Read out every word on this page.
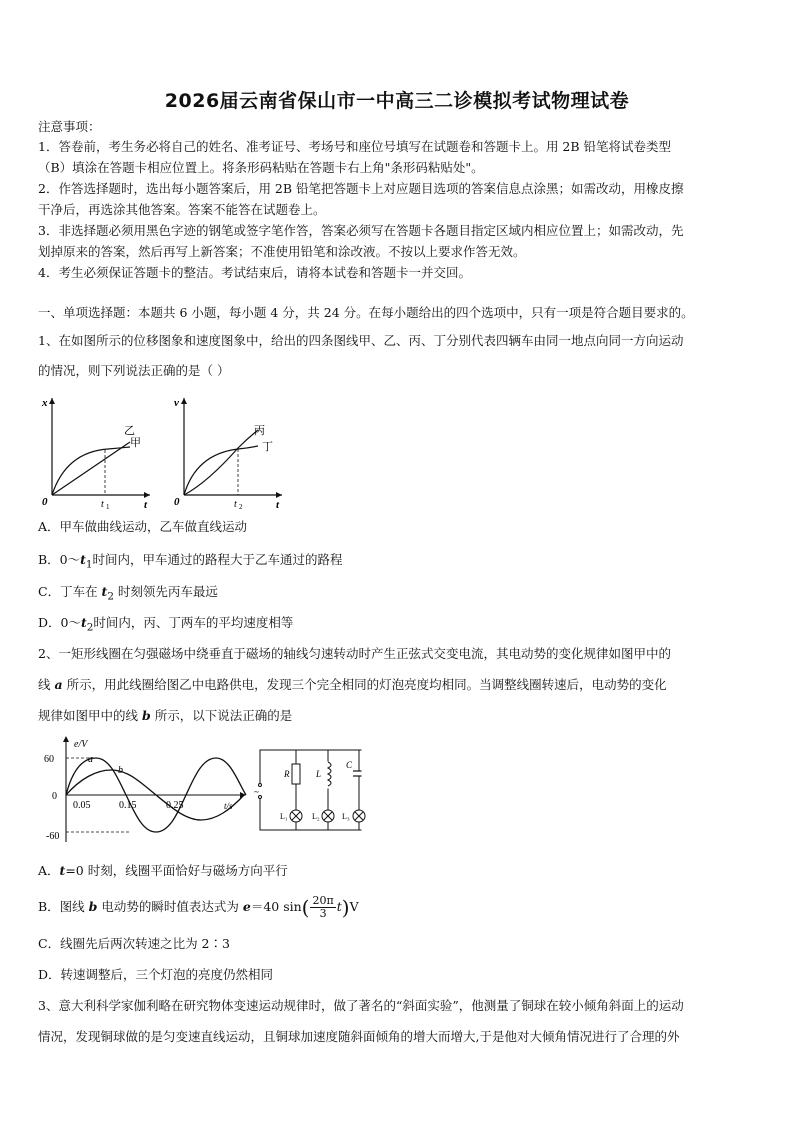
2026届云南省保山市一中高三二诊模拟考试物理试卷
注意事项：
1．答卷前，考生务必将自己的姓名、准考证号、考场号和座位号填写在试题卷和答题卡上。用 2B 铅笔将试卷类型
（B）填涂在答题卡相应位置上。将条形码粘贴在答题卡右上角"条形码粘贴处"。
2．作答选择题时，选出每小题答案后，用 2B 铅笔把答题卡上对应题目选项的答案信息点涂黑；如需改动，用橡皮擦
干净后，再选涂其他答案。答案不能答在试题卷上。
3．非选择题必须用黑色字迹的钢笔或签字笔作答，答案必须写在答题卡各题目指定区域内相应位置上；如需改动，先
划掉原来的答案，然后再写上新答案；不准使用铅笔和涂改液。不按以上要求作答无效。
4．考生必须保证答题卡的整洁。考试结束后，请将本试卷和答题卡一并交回。
一、单项选择题：本题共 6 小题，每小题 4 分，共 24 分。在每小题给出的四个选项中，只有一项是符合题目要求的。
1、在如图所示的位移图象和速度图象中，给出的四条图线甲、乙、丙、丁分别代表四辆车由同一地点向同一方向运动
的情况，则下列说法正确的是（ ）
x
0	t
t 1
乙
甲
v
0	t
t 2
丙
丁
A．甲车做曲线运动，乙车做直线运动
B．$0\sim t_1$时间内，甲车通过的路程大于乙车通过的路程
C．丁车在 $t_2$ 时刻领先丙车最远
D．$0\sim t_2$时间内，丙、丁两车的平均速度相等
2、一矩形线圈在匀强磁场中绕垂直于磁场的轴线匀速转动时产生正弦式交变电流，其电动势的变化规律如图甲中的
线 a 所示，用此线圈给图乙中电路供电，发现三个完全相同的灯泡亮度均相同。当调整线圈转速后，电动势的变化
规律如图甲中的线 b 所示，以下说法正确的是
e/V
60
0
-60
0.05	0.15	0.25	t/s
a
b
~
R	L
C
L₁	L₂	L₃
A．t=0 时刻，线圈平面恰好与磁场方向平行
B．图线 b 电动势的瞬时值表达式为 e＝40 $\sin( \frac{20\pi}{3} t)V$
C．线圈先后两次转速之比为 2∶3
D．转速调整后，三个灯泡的亮度仍然相同
3、意大利科学家伽利略在研究物体变速运动规律时，做了著名的“斜面实验”，他测量了铜球在较小倾角斜面上的运动
情况，发现铜球做的是匀变速直线运动，且铜球加速度随斜面倾角的增大而增大,于是他对大倾角情况进行了合理的外
